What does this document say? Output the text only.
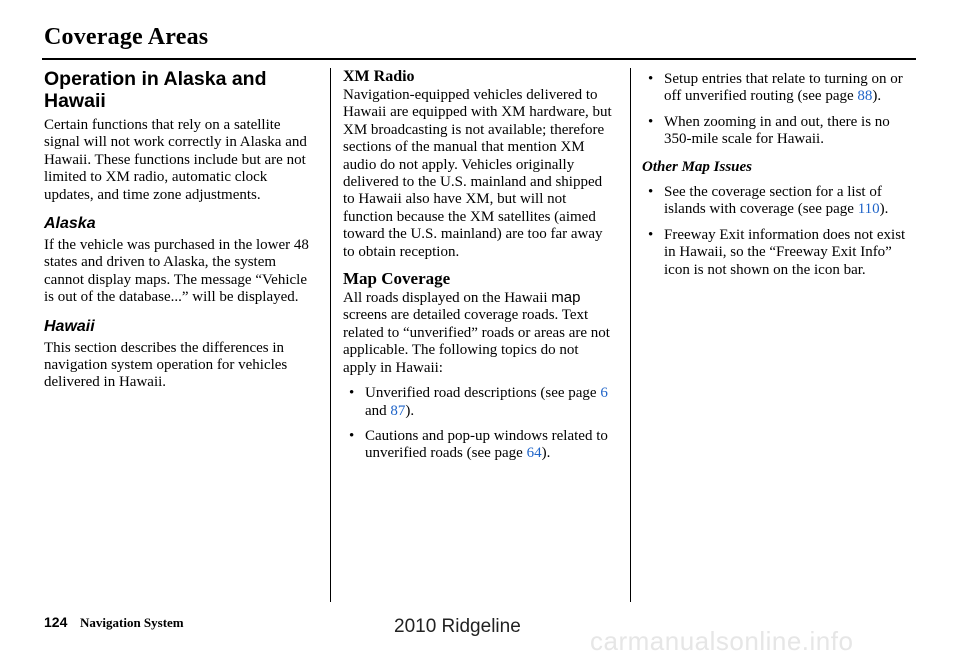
Coverage Areas
Operation in Alaska and
Hawaii

Certain functions that rely on a satellite signal will not work correctly in Alaska and Hawaii. These functions include but are not limited to XM radio, automatic clock updates, and time zone adjustments.

Alaska

If the vehicle was purchased in the lower 48 states and driven to Alaska, the system cannot display maps. The message “Vehicle is out of the database...” will be displayed.

Hawaii

This section describes the differences in navigation system operation for vehicles delivered in Hawaii.

XM Radio

Navigation-equipped vehicles delivered to Hawaii are equipped with XM hardware, but XM broadcasting is not available; therefore sections of the manual that mention XM audio do not apply. Vehicles originally delivered to the U.S. mainland and shipped to Hawaii also have XM, but will not function because the XM satellites (aimed toward the U.S. mainland) are too far away to obtain reception.

Map Coverage

All roads displayed on the Hawaii map screens are detailed coverage roads. Text related to “unverified” roads or areas are not applicable. The following topics do not apply in Hawaii:

• Unverified road descriptions (see page 6 and 87).
• Cautions and pop-up windows related to unverified roads (see page 64).
• Setup entries that relate to turning on or off unverified routing (see page 88).
• When zooming in and out, there is no 350-mile scale for Hawaii.

Other Map Issues

• See the coverage section for a list of islands with coverage (see page 110).
• Freeway Exit information does not exist in Hawaii, so the “Freeway Exit Info” icon is not shown on the icon bar.
124 Navigation System	2010 Ridgeline	carmanualsonline.info
